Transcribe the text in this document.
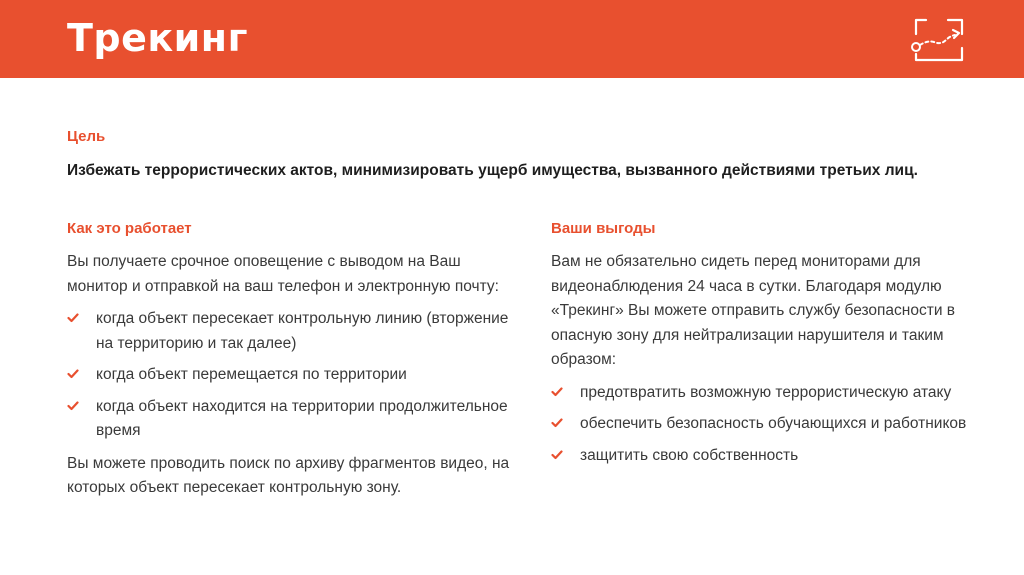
Трекинг
Цель

Избежать террористических актов, минимизировать ущерб имущества, вызванного действиями третьих лиц.

Как это работает

Вы получаете срочное оповещение с выводом на Ваш монитор и отправкой на ваш телефон и электронную почту:

когда объект пересекает контрольную линию (вторжение на территорию и так далее)
когда объект перемещается по территории
когда объект находится на территории продолжительное время

Вы можете проводить поиск по архиву фрагментов видео, на которых объект пересекает контрольную зону.

Ваши выгоды

Вам не обязательно сидеть перед мониторами для видеонаблюдения 24 часа в сутки. Благодаря модулю «Трекинг» Вы можете отправить службу безопасности в опасную зону для нейтрализации нарушителя и таким образом:

предотвратить возможную террористическую атаку
обеспечить безопасность обучающихся и работников
защитить свою собственность
